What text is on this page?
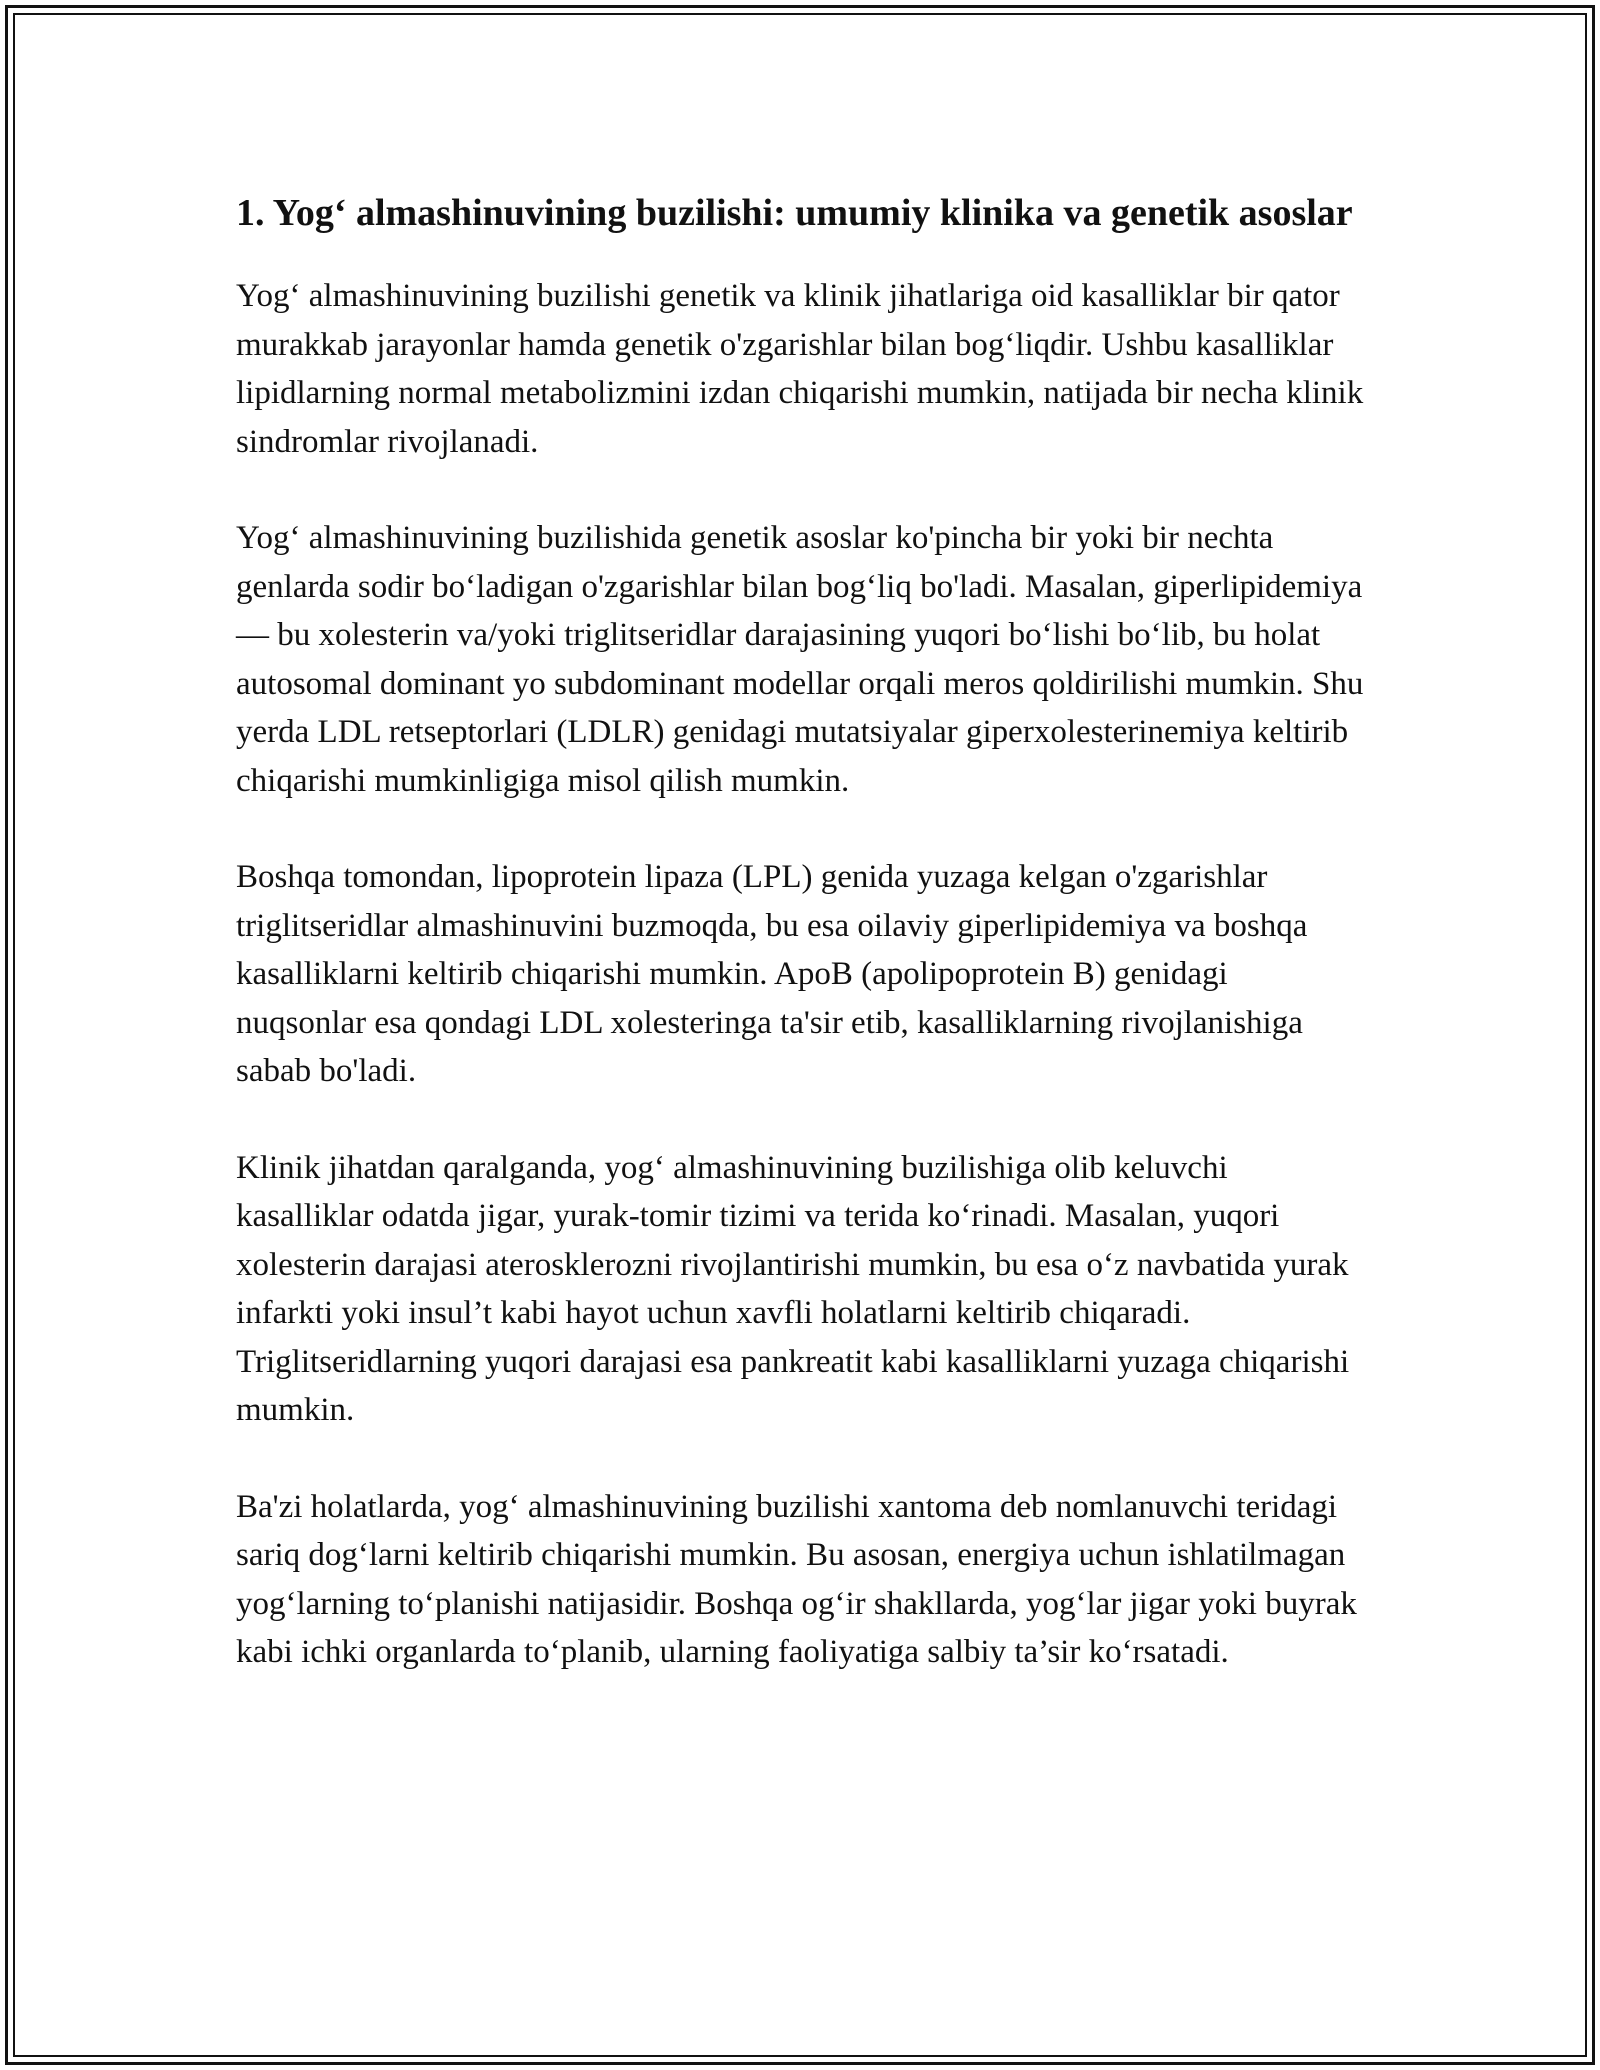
1. Yog‘ almashinuvining buzilishi: umumiy klinika va genetik asoslar

Yog‘ almashinuvining buzilishi genetik va klinik jihatlariga oid kasalliklar bir qator murakkab jarayonlar hamda genetik o'zgarishlar bilan bog‘liqdir. Ushbu kasalliklar lipidlarning normal metabolizmini izdan chiqarishi mumkin, natijada bir necha klinik sindromlar rivojlanadi.

Yog‘ almashinuvining buzilishida genetik asoslar ko'pincha bir yoki bir nechta genlarda sodir bo‘ladigan o'zgarishlar bilan bog‘liq bo'ladi. Masalan, giperlipidemiya — bu xolesterin va/yoki triglitseridlar darajasining yuqori bo‘lishi bo‘lib, bu holat autosomal dominant yo subdominant modellar orqali meros qoldirilishi mumkin. Shu yerda LDL retseptorlari (LDLR) genidagi mutatsiyalar giperxolesterinemiya keltirib chiqarishi mumkinligiga misol qilish mumkin.

Boshqa tomondan, lipoprotein lipaza (LPL) genida yuzaga kelgan o'zgarishlar triglitseridlar almashinuvini buzmoqda, bu esa oilaviy giperlipidemiya va boshqa kasalliklarni keltirib chiqarishi mumkin. ApoB (apolipoprotein B) genidagi nuqsonlar esa qondagi LDL xolesteringa ta'sir etib, kasalliklarning rivojlanishiga sabab bo'ladi.

Klinik jihatdan qaralganda, yog‘ almashinuvining buzilishiga olib keluvchi kasalliklar odatda jigar, yurak-tomir tizimi va terida ko‘rinadi. Masalan, yuqori xolesterin darajasi aterosklerozni rivojlantirishi mumkin, bu esa o‘z navbatida yurak infarkti yoki insul’t kabi hayot uchun xavfli holatlarni keltirib chiqaradi. Triglitseridlarning yuqori darajasi esa pankreatit kabi kasalliklarni yuzaga chiqarishi mumkin.

Ba'zi holatlarda, yog‘ almashinuvining buzilishi xantoma deb nomlanuvchi teridagi sariq dog‘larni keltirib chiqarishi mumkin. Bu asosan, energiya uchun ishlatilmagan yog‘larning to‘planishi natijasidir. Boshqa og‘ir shakllarda, yog‘lar jigar yoki buyrak kabi ichki organlarda to‘planib, ularning faoliyatiga salbiy ta’sir ko‘rsatadi.
